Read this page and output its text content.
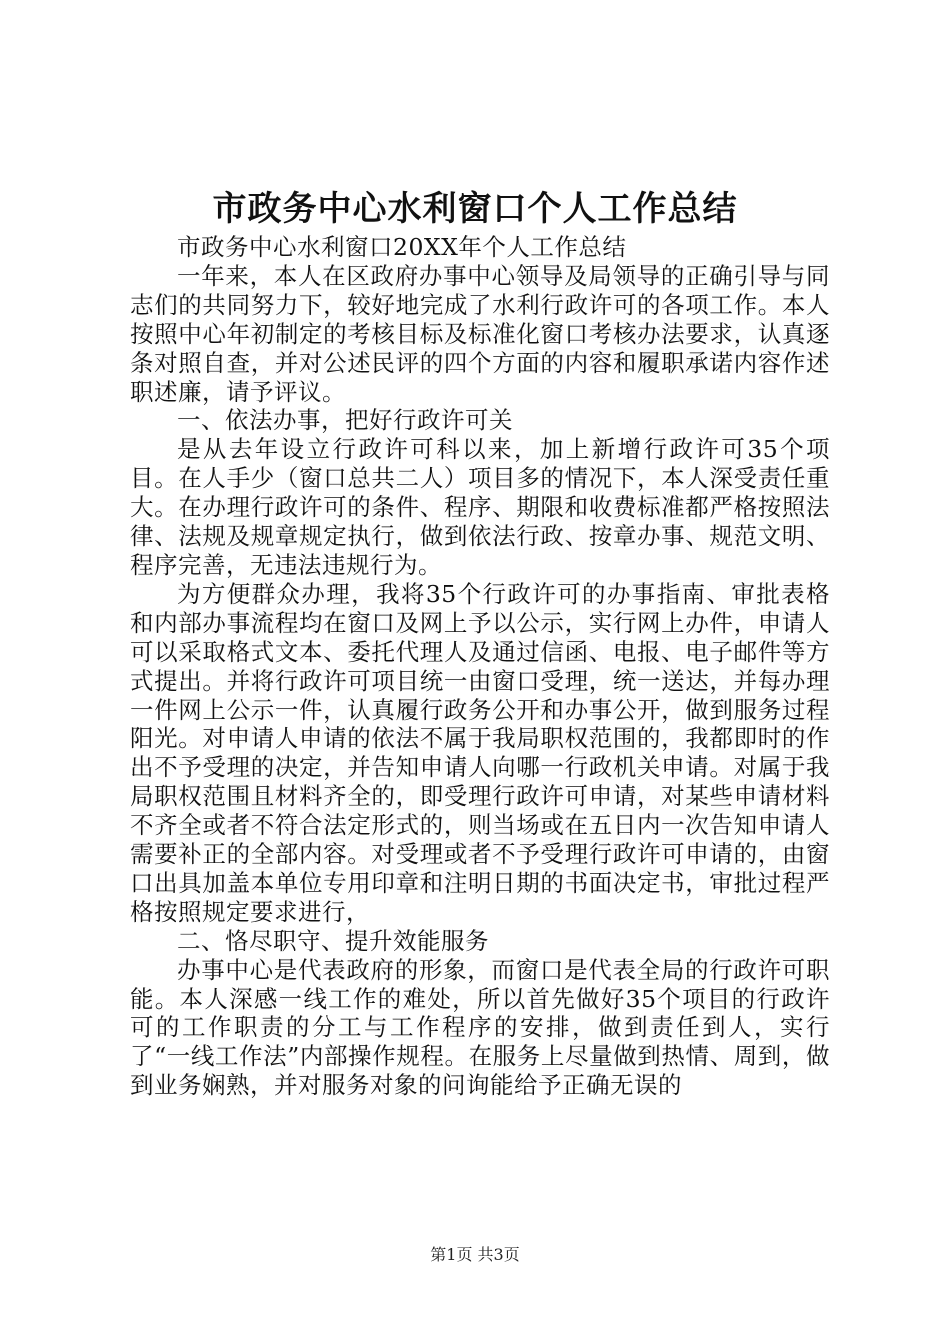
市政务中心水利窗口个人工作总结

市政务中心水利窗口20XX年个人工作总结

一年来，本人在区政府办事中心领导及局领导的正确引导与同志们的共同努力下，较好地完成了水利行政许可的各项工作。本人按照中心年初制定的考核目标及标准化窗口考核办法要求，认真逐条对照自查，并对公述民评的四个方面的内容和履职承诺内容作述职述廉，请予评议。

一、依法办事，把好行政许可关

是从去年设立行政许可科以来，加上新增行政许可35个项目。在人手少（窗口总共二人）项目多的情况下，本人深受责任重大。在办理行政许可的条件、程序、期限和收费标准都严格按照法律、法规及规章规定执行，做到依法行政、按章办事、规范文明、程序完善，无违法违规行为。

为方便群众办理，我将35个行政许可的办事指南、审批表格和内部办事流程均在窗口及网上予以公示，实行网上办件，申请人可以采取格式文本、委托代理人及通过信函、电报、电子邮件等方式提出。并将行政许可项目统一由窗口受理，统一送达，并每办理一件网上公示一件，认真履行政务公开和办事公开，做到服务过程阳光。对申请人申请的依法不属于我局职权范围的，我都即时的作出不予受理的决定，并告知申请人向哪一行政机关申请。对属于我局职权范围且材料齐全的，即受理行政许可申请，对某些申请材料不齐全或者不符合法定形式的，则当场或在五日内一次告知申请人需要补正的全部内容。对受理或者不予受理行政许可申请的，由窗口出具加盖本单位专用印章和注明日期的书面决定书，审批过程严格按照规定要求进行，

二、恪尽职守、提升效能服务

办事中心是代表政府的形象，而窗口是代表全局的行政许可职能。本人深感一线工作的难处，所以首先做好35个项目的行政许可的工作职责的分工与工作程序的安排，做到责任到人，实行了“一线工作法”内部操作规程。在服务上尽量做到热情、周到，做到业务娴熟，并对服务对象的问询能给予正确无误的

第1页 共3页
